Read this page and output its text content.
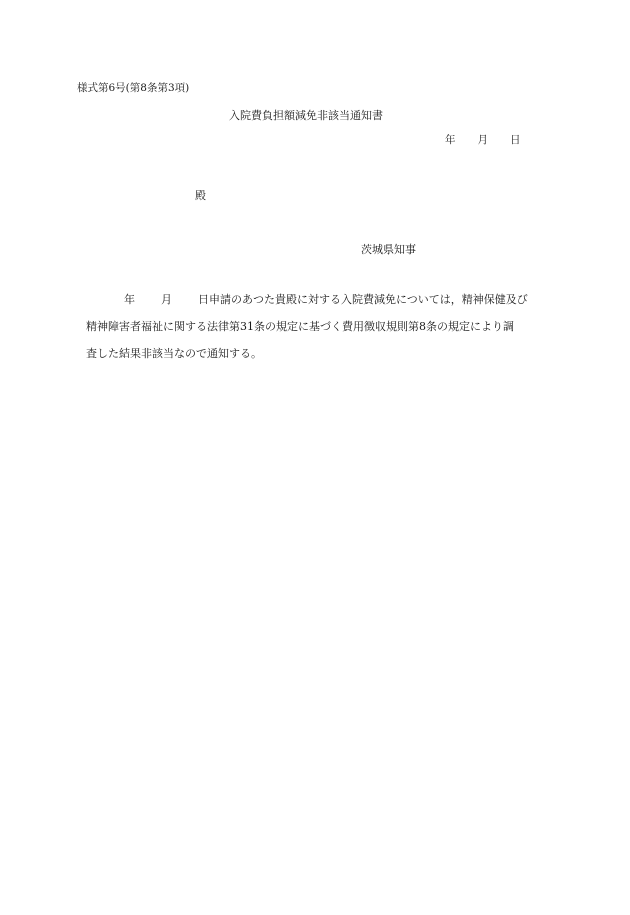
様式第6号(第8条第3項)
入院費負担額減免非該当通知書
年 月 日
殿
茨城県知事
年 月 日申請のあつた貴殿に対する入院費減免については，精神保健及び
精神障害者福祉に関する法律第31条の規定に基づく費用徴収規則第8条の規定により調
査した結果非該当なので通知する。
